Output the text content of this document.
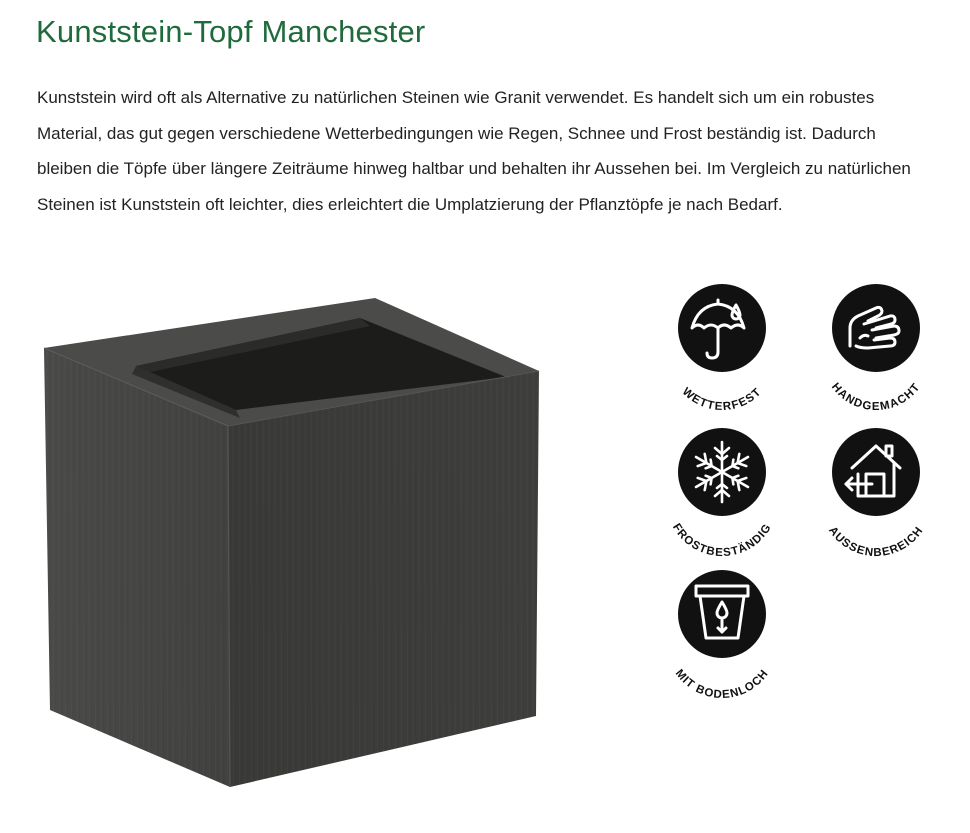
Kunststein-Topf Manchester

Kunststein wird oft als Alternative zu natürlichen Steinen wie Granit verwendet. Es handelt sich um ein robustes Material, das gut gegen verschiedene Wetterbedingungen wie Regen, Schnee und Frost beständig ist. Dadurch bleiben die Töpfe über längere Zeiträume hinweg haltbar und behalten ihr Aussehen bei. Im Vergleich zu natürlichen Steinen ist Kunststein oft leichter, dies erleichtert die Umplatzierung der Pflanztöpfe je nach Bedarf.

WETTERFEST	HANDGEMACHT
FROSTBESTÄNDIG	AUSSENBEREICH
MIT BODENLOCH
